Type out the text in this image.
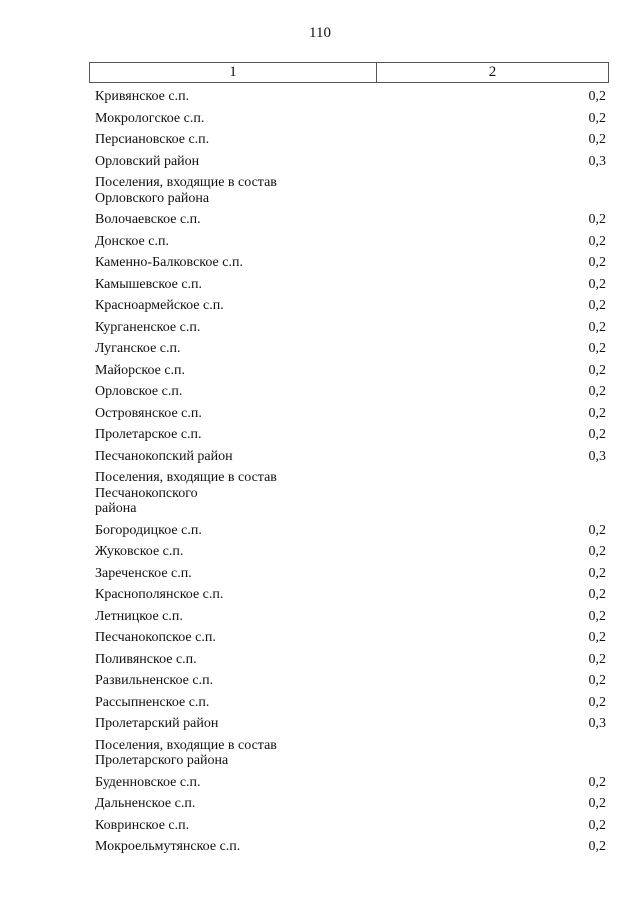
110
1	2
Кривянское с.п.	0,2
Мокрологское с.п.	0,2
Персиановское с.п.	0,2
Орловский район	0,3
Поселения, входящие в состав
Орловского района
Волочаевское с.п.	0,2
Донское с.п.	0,2
Каменно-Балковское с.п.	0,2
Камышевское с.п.	0,2
Красноармейское с.п.	0,2
Курганенское с.п.	0,2
Луганское с.п.	0,2
Майорское с.п.	0,2
Орловское с.п.	0,2
Островянское с.п.	0,2
Пролетарское с.п.	0,2
Песчанокопский район	0,3
Поселения, входящие в состав
Песчанокопского
района
Богородицкое с.п.	0,2
Жуковское с.п.	0,2
Зареченское с.п.	0,2
Краснополянское с.п.	0,2
Летницкое с.п.	0,2
Песчанокопское с.п.	0,2
Поливянское с.п.	0,2
Развильненское с.п.	0,2
Рассыпненское с.п.	0,2
Пролетарский район	0,3
Поселения, входящие в состав
Пролетарского района
Буденновское с.п.	0,2
Дальненское с.п.	0,2
Ковринское с.п.	0,2
Мокроельмутянское с.п.	0,2
